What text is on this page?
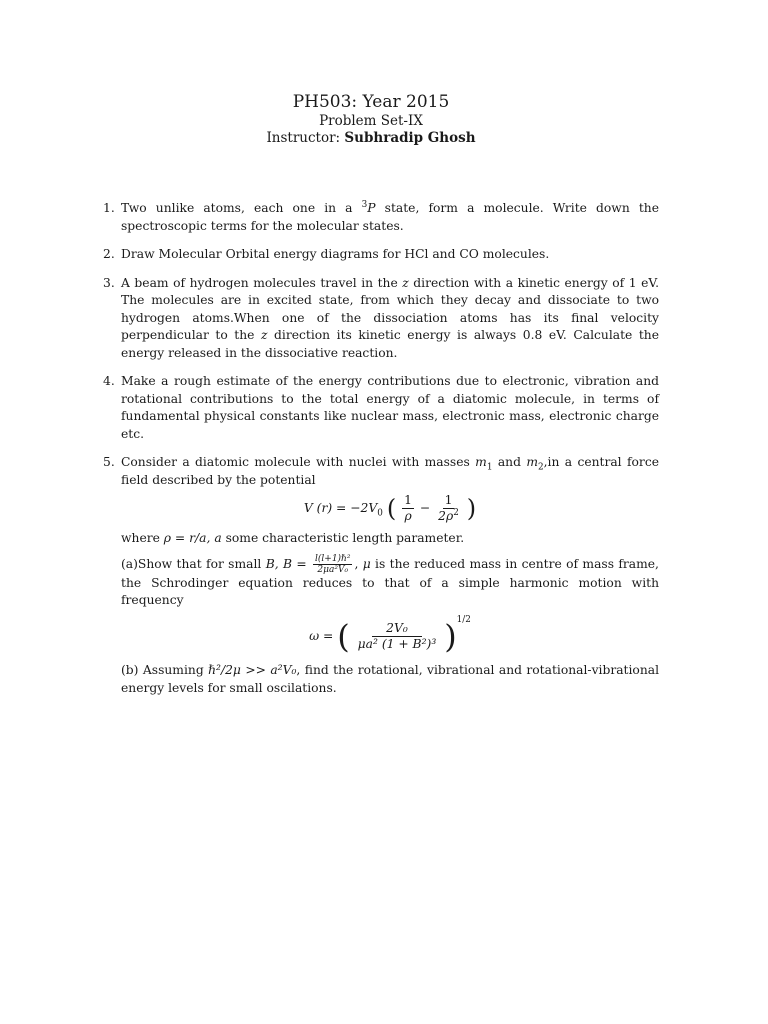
PH503: Year 2015
Problem Set-IX
Instructor: Subhradip Ghosh
1. Two unlike atoms, each one in a $^3$P state, form a molecule. Write down the spectroscopic terms for the molecular states.

2. Draw Molecular Orbital energy diagrams for HCl and CO molecules.

3. A beam of hydrogen molecules travel in the z direction with a kinetic energy of 1 eV. The molecules are in excited state, from which they decay and dissociate to two hydrogen atoms.When one of the dissociation atoms has its final velocity perpendicular to the z direction its kinetic energy is always 0.8 eV. Calculate the energy released in the dissociative reaction.

4. Make a rough estimate of the energy contributions due to electronic, vibration and rotational contributions to the total energy of a diatomic molecule, in terms of fundamental physical constants like nuclear mass, electronic mass, electronic charge etc.

5. Consider a diatomic molecule with nuclei with masses $m_1$ and $m_2,in$ a central force field described by the potential

V $(r) = -2V_0$ ( $\frac{1}{\rho} - \frac{1}{2\rho^2}$ )

where ρ = r/a, a some characteristic length parameter.

(a)Show that for small B, $B = \frac{\text{l(l+1)ℏ²}}{\text{2μa²V₀}}$ , μ is the reduced mass in centre of mass frame, the Schrodinger equation reduces to that of a simple harmonic motion with frequency

ω = ( $\frac{\text{2V₀}}{\text{μa² (1 + B²)³}} )^{1/2}$

(b) Assuming ℏ²/2μ >> a²V₀, find the rotational, vibrational and rotational-vibrational energy levels for small oscilations.
